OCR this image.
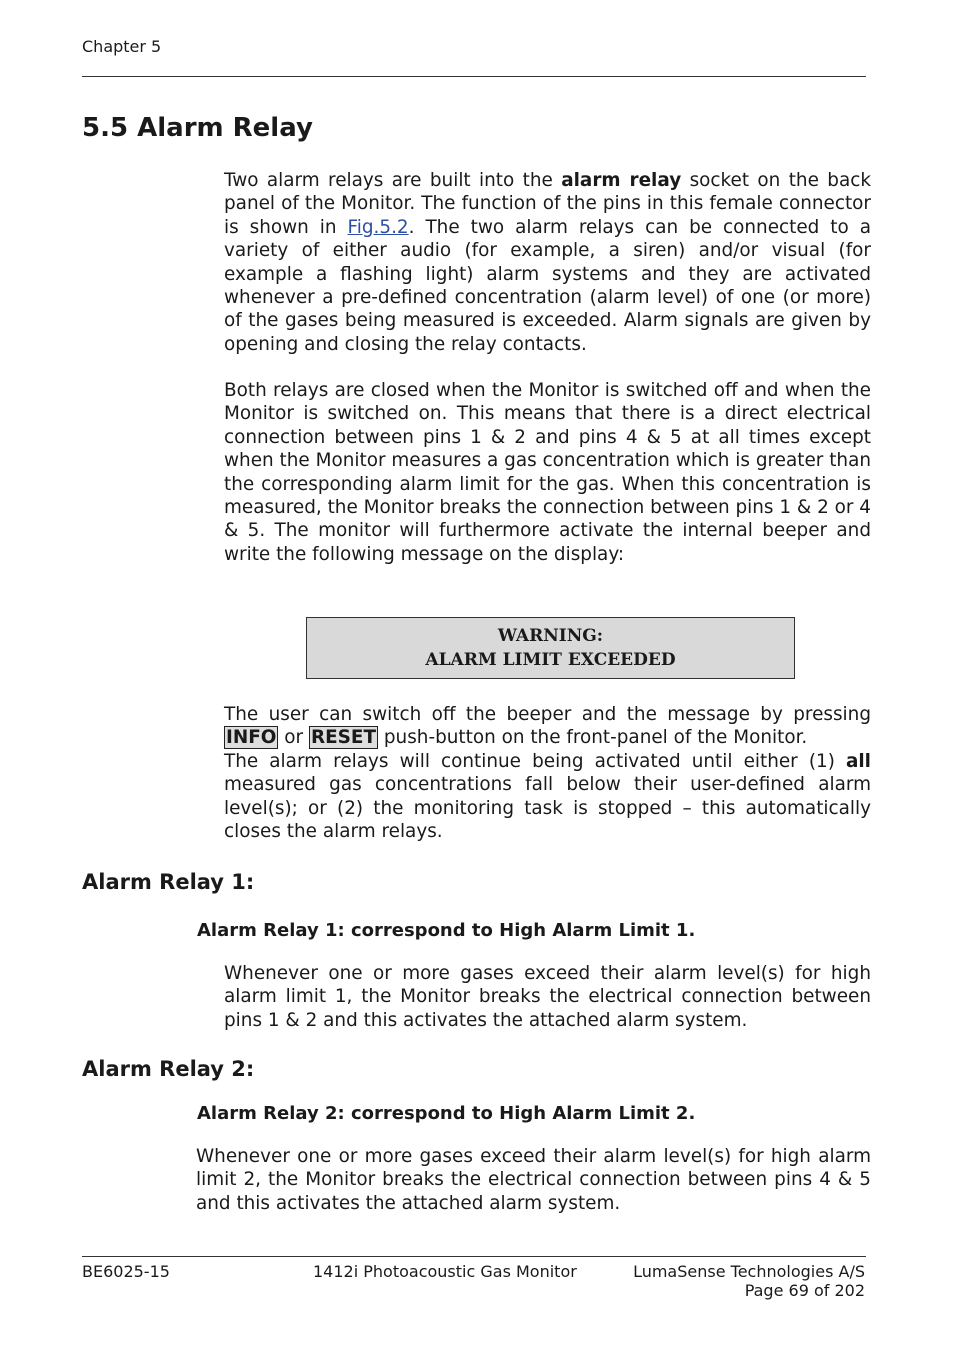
Chapter 5
5.5 Alarm Relay

Two alarm relays are built into the alarm relay socket on the back panel of the Monitor. The function of the pins in this female connector is shown in Fig.5.2. The two alarm relays can be connected to a variety of either audio (for example, a siren) and/or visual (for example a flashing light) alarm systems and they are activated whenever a pre-defined concentration (alarm level) of one (or more) of the gases being measured is exceeded. Alarm signals are given by opening and closing the relay contacts.

Both relays are closed when the Monitor is switched off and when the Monitor is switched on. This means that there is a direct electrical connection between pins 1 & 2 and pins 4 & 5 at all times except when the Monitor measures a gas concentration which is greater than the corresponding alarm limit for the gas. When this concentration is measured, the Monitor breaks the connection between pins 1 & 2 or 4 & 5. The monitor will furthermore activate the internal beeper and write the following message on the display:

WARNING:
ALARM LIMIT EXCEEDED

The user can switch off the beeper and the message by pressing INFO or RESET push-button on the front-panel of the Monitor.
The alarm relays will continue being activated until either (1) all measured gas concentrations fall below their user-defined alarm level(s); or (2) the monitoring task is stopped – this automatically closes the alarm relays.

Alarm Relay 1:
Alarm Relay 1: correspond to High Alarm Limit 1.

Whenever one or more gases exceed their alarm level(s) for high alarm limit 1, the Monitor breaks the electrical connection between pins 1 & 2 and this activates the attached alarm system.

Alarm Relay 2:
Alarm Relay 2: correspond to High Alarm Limit 2.

Whenever one or more gases exceed their alarm level(s) for high alarm limit 2, the Monitor breaks the electrical connection between pins 4 & 5 and this activates the attached alarm system.

BE6025-15	1412i Photoacoustic Gas Monitor	LumaSense Technologies A/S
Page 69 of 202
